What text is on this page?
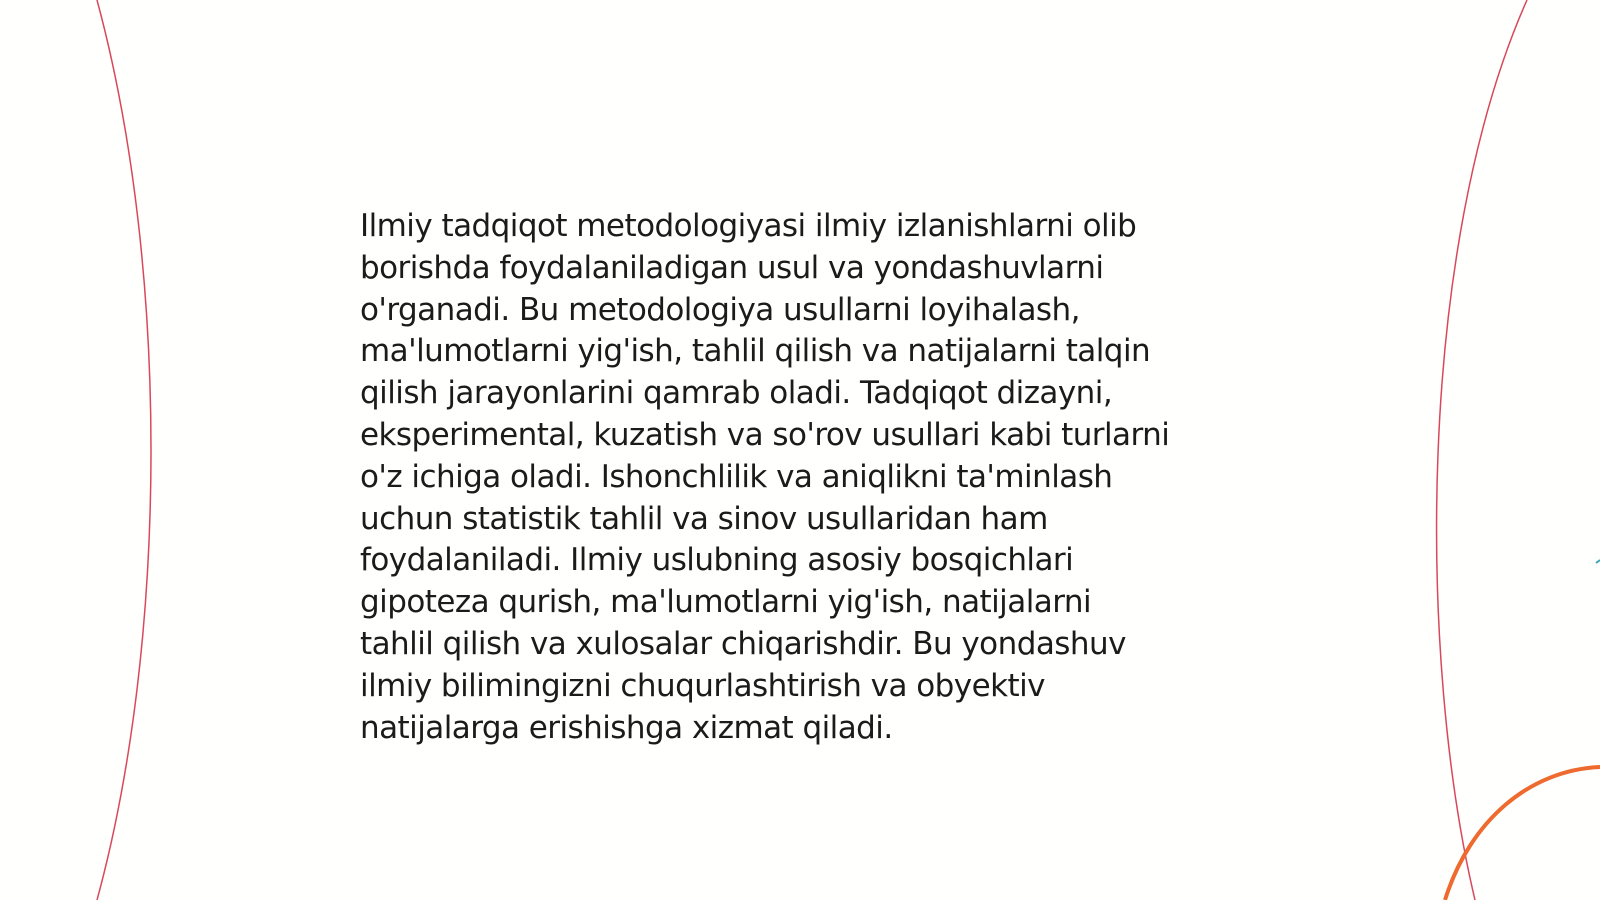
Ilmiy tadqiqot metodologiyasi ilmiy izlanishlarni olib
borishda foydalaniladigan usul va yondashuvlarni
o'rganadi. Bu metodologiya usullarni loyihalash,
ma'lumotlarni yig'ish, tahlil qilish va natijalarni talqin
qilish jarayonlarini qamrab oladi. Tadqiqot dizayni,
eksperimental, kuzatish va so'rov usullari kabi turlarni
o'z ichiga oladi. Ishonchlilik va aniqlikni ta'minlash
uchun statistik tahlil va sinov usullaridan ham
foydalaniladi. Ilmiy uslubning asosiy bosqichlari
gipoteza qurish, ma'lumotlarni yig'ish, natijalarni
tahlil qilish va xulosalar chiqarishdir. Bu yondashuv
ilmiy bilimingizni chuqurlashtirish va obyektiv
natijalarga erishishga xizmat qiladi.
